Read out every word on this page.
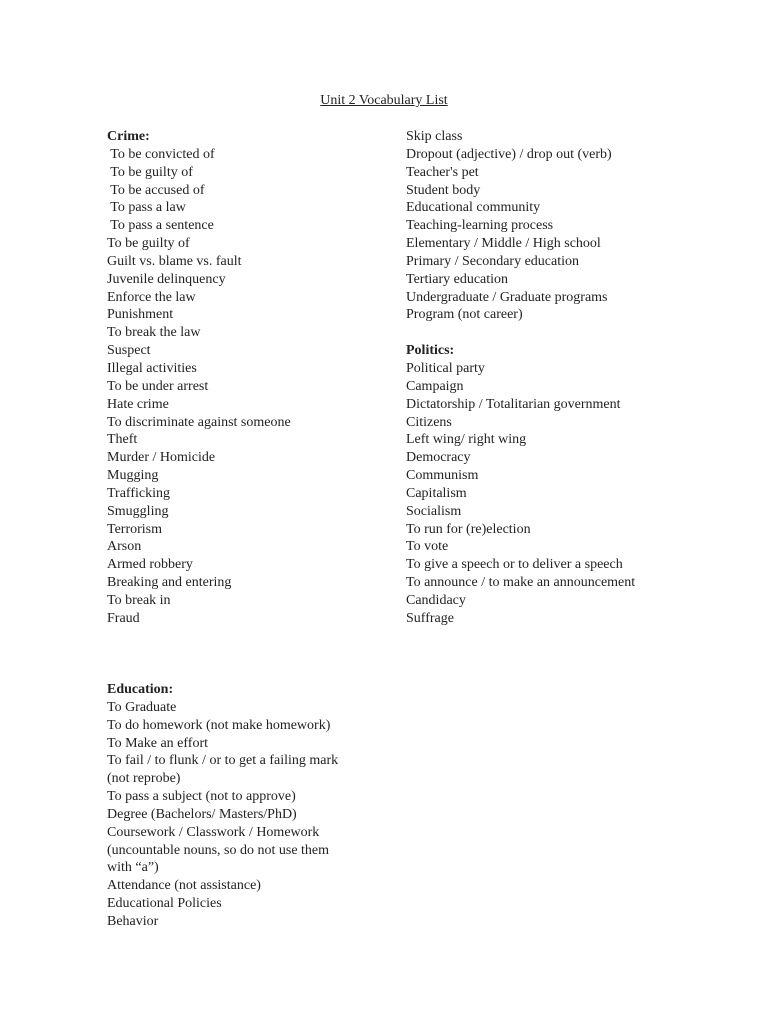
Unit 2 Vocabulary List
Crime:
To be convicted of
To be guilty of
To be accused of
To pass a law
To pass a sentence
To be guilty of
Guilt vs. blame vs. fault
Juvenile delinquency
Enforce the law
Punishment
To break the law
Suspect
Illegal activities
To be under arrest
Hate crime
To discriminate against someone
Theft
Murder / Homicide
Mugging
Trafficking
Smuggling
Terrorism
Arson
Armed robbery
Breaking and entering
To break in
Fraud
Skip class
Dropout (adjective) / drop out (verb)
Teacher's pet
Student body
Educational community
Teaching-learning process
Elementary / Middle / High school
Primary / Secondary education
Tertiary education
Undergraduate / Graduate programs
Program (not career)
Politics:
Political party
Campaign
Dictatorship / Totalitarian government
Citizens
Left wing/ right wing
Democracy
Communism
Capitalism
Socialism
To run for (re)election
To vote
To give a speech or to deliver a speech
To announce / to make an announcement
Candidacy
Suffrage
Education:
To Graduate
To do homework (not make homework)
To Make an effort
To fail / to flunk / or to get a failing mark
(not reprobe)
To pass a subject (not to approve)
Degree (Bachelors/ Masters/PhD)
Coursework / Classwork / Homework
(uncountable nouns, so do not use them
with “a”)
Attendance (not assistance)
Educational Policies
Behavior
